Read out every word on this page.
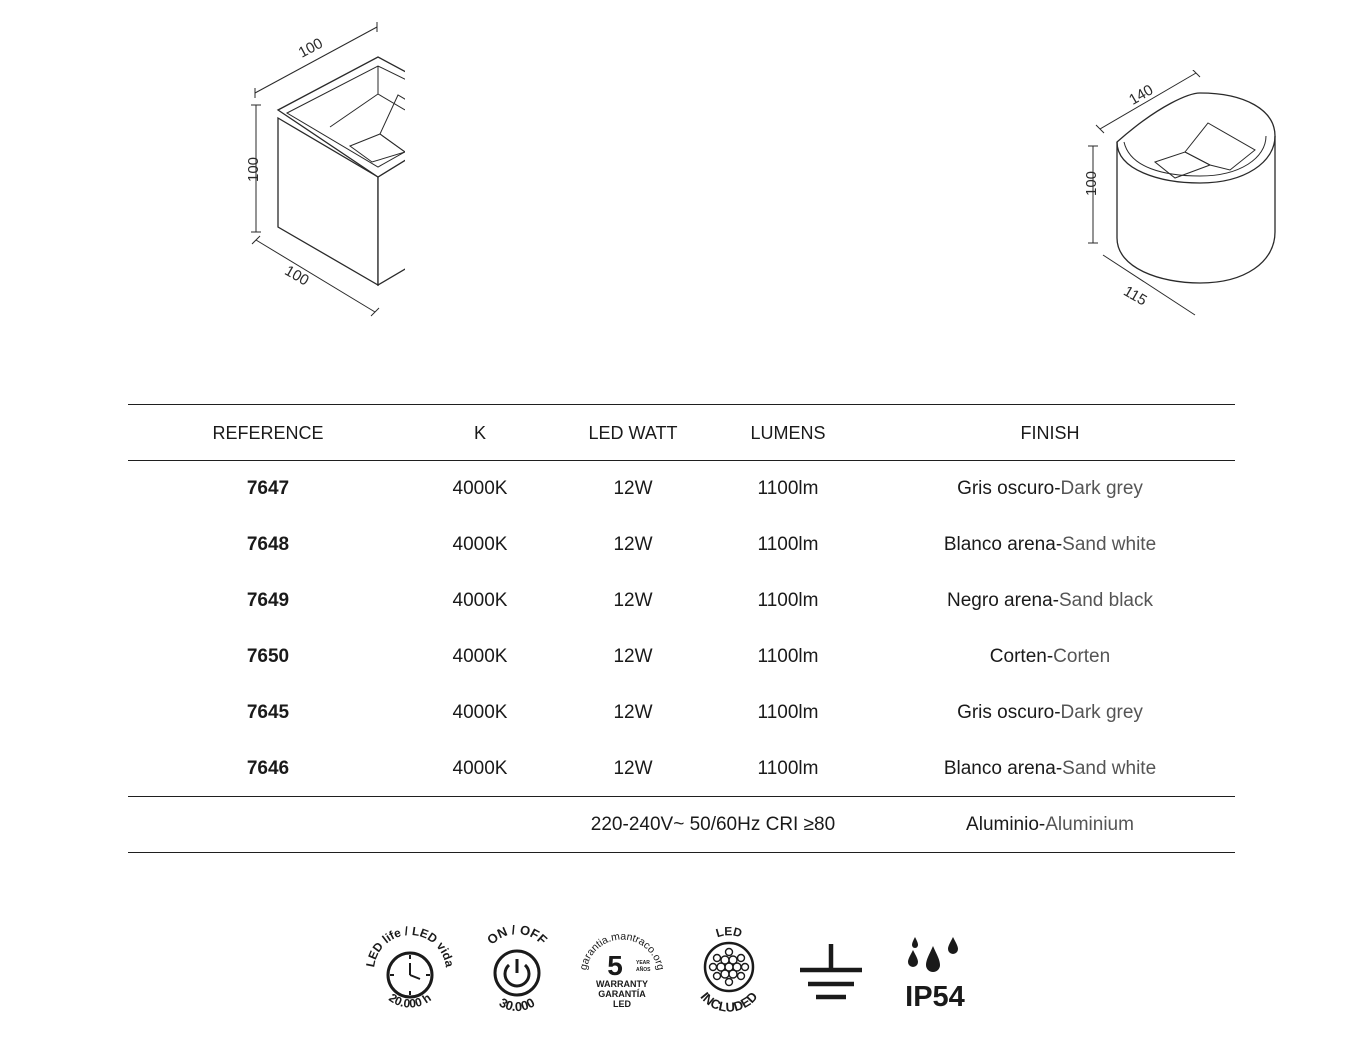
100
100
100
140
100
115
REFERENCE	K	LED WATT	LUMENS	FINISH
7647	4000K	12W	1100lm	Gris oscuro-Dark grey
7648	4000K	12W	1100lm	Blanco arena-Sand white
7649	4000K	12W	1100lm	Negro arena-Sand black
7650	4000K	12W	1100lm	Corten-Corten
7645	4000K	12W	1100lm	Gris oscuro-Dark grey
7646	4000K	12W	1100lm	Blanco arena-Sand white
220-240V~ 50/60Hz CRI ≥80	Aluminio-Aluminium
LED life / LED vida
20.000 h
ON / OFF
30.000
garantia.mantraco.org
5	YEAR
AÑOS
WARRANTY
GARANTÍA
LED
LED
INCLUDED	IP54
